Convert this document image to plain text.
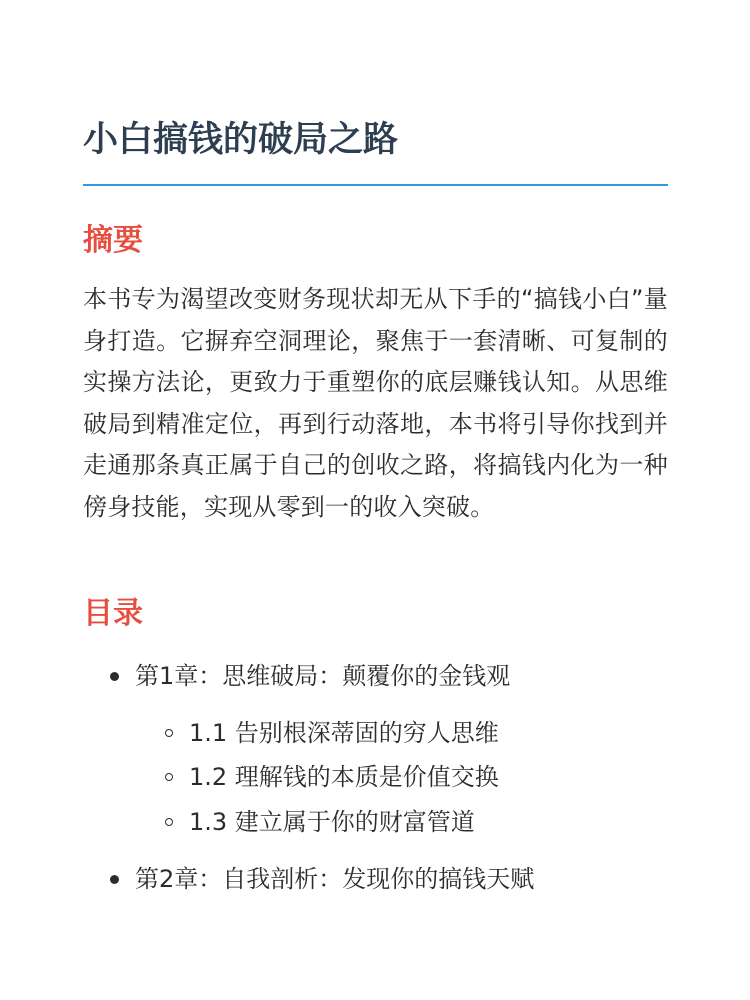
小白搞钱的破局之路
摘要

本书专为渴望改变财务现状却无从下手的“搞钱小白”量身打造。它摒弃空洞理论，聚焦于一套清晰、可复制的实操方法论，更致力于重塑你的底层赚钱认知。从思维破局到精准定位，再到行动落地，本书将引导你找到并走通那条真正属于自己的创收之路，将搞钱内化为一种傍身技能，实现从零到一的收入突破。

目录
第1章：思维破局：颠覆你的金钱观
1.1 告别根深蒂固的穷人思维
1.2 理解钱的本质是价值交换
1.3 建立属于你的财富管道
第2章：自我剖析：发现你的搞钱天赋
